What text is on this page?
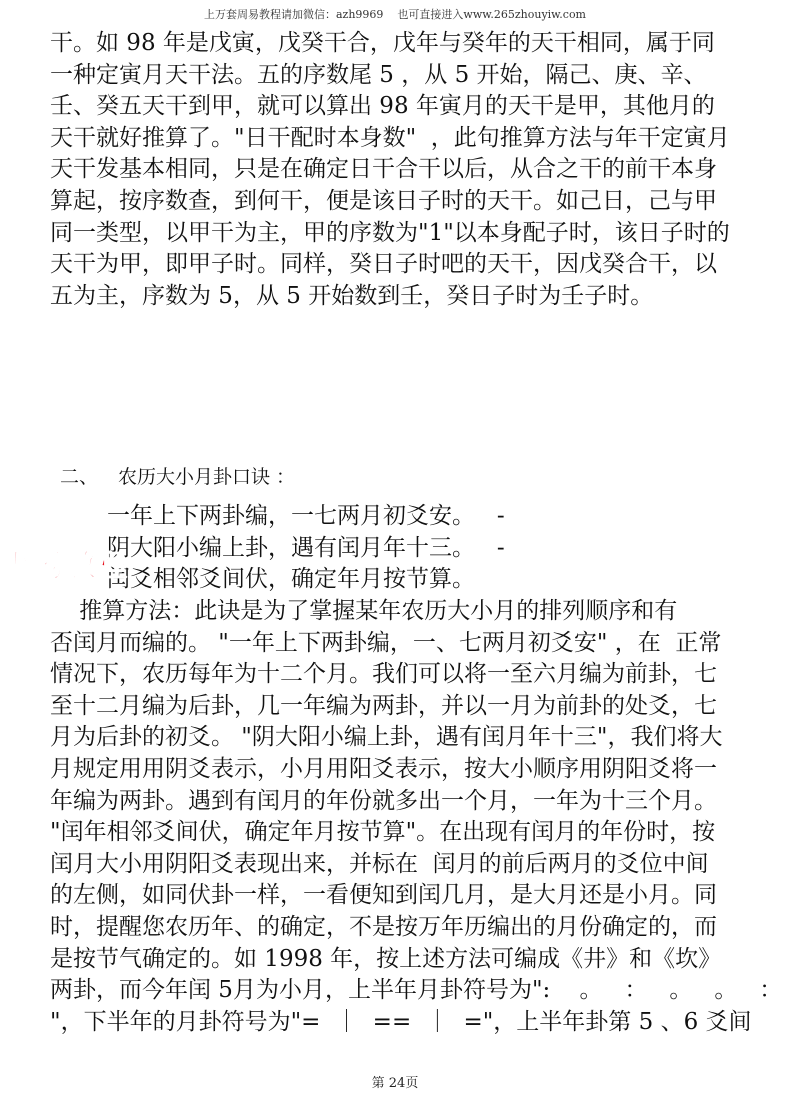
上万套周易教程请加微信：azh9969    也可直接进入www.265zhouyiw.com

干。如 98 年是戊寅，戊癸干合，戊年与癸年的天干相同，属于同
一种定寅月天干法。五的序数尾 5 ，从 5 开始，隔己、庚、辛、
壬、癸五天干到甲，就可以算出 98 年寅月的天干是甲，其他月的
天干就好推算了。"日干配时本身数"  ，此句推算方法与年干定寅月
天干发基本相同，只是在确定日干合干以后，从合之干的前干本身
算起，按序数查，到何干，便是该日子时的天干。如己日，己与甲
同一类型，以甲干为主，甲的序数为"1"以本身配子时，该日子时的
天干为甲，即甲子时。同样，癸日子时吧的天干，因戊癸合干，以
五为主，序数为 5，从 5 开始数到壬，癸日子时为壬子时。

二、 农历大小月卦口诀 ：

一年上下两卦编，一七两月初爻安。   -
阴大阳小编上卦，遇有闰月年十三。   -
闰爻相邻爻间伏，确定年月按节算。

九易教程

推算方法：此诀是为了掌握某年农历大小月的排列顺序和有
否闰月而编的。 "一年上下两卦编，一、七两月初爻安" ，在  正常
情况下，农历每年为十二个月。我们可以将一至六月编为前卦，七
至十二月编为后卦，几一年编为两卦，并以一月为前卦的处爻，七
月为后卦的初爻。 "阴大阳小编上卦，遇有闰月年十三"，我们将大
月规定用用阴爻表示，小月用阳爻表示，按大小顺序用阴阳爻将一
年编为两卦。遇到有闰月的年份就多出一个月，一年为十三个月。
"闰年相邻爻间伏，确定年月按节算"。在出现有闰月的年份时，按
闰月大小用阴阳爻表现出来，并标在  闰月的前后两月的爻位中间
的左侧，如同伏卦一样，一看便知到闰几月，是大月还是小月。同
时，提醒您农历年、的确定，不是按万年历编出的月份确定的，而
是按节气确定的。如 1998 年，按上述方法可编成《井》和《坎》
两卦，而今年闰 5月为小月，上半年月卦符号为":    。   ：   。   。   ：
"，下半年的月卦符号为"=  ｜  ==  ｜  ="，上半年卦第 5 、6 爻间

第 24页
